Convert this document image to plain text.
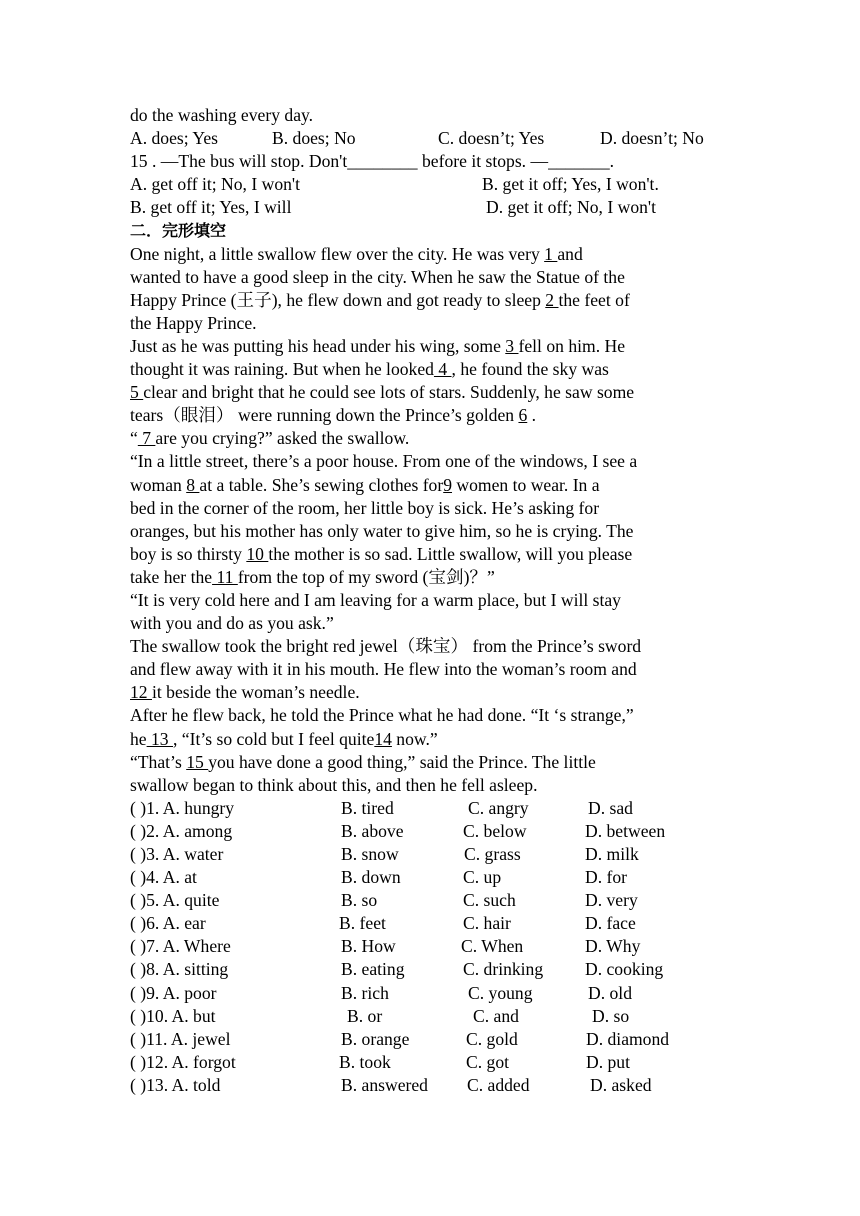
do the washing every day.
A. does; Yes	B. does; No	C. doesn’t; Yes	D. doesn’t; No
15 . —The bus will stop. Don't________ before it stops. —_______.
A. get off it; No, I won't	B. get it off; Yes, I won't.
B. get off it; Yes, I will	D. get it off; No, I won't
二．完形填空
One night, a little swallow flew over the city. He was very 1 and
wanted to have a good sleep in the city. When he saw the Statue of the
Happy Prince (王子), he flew down and got ready to sleep 2 the feet of
the Happy Prince.
Just as he was putting his head under his wing, some 3 fell on him. He
thought it was raining. But when he looked 4 , he found the sky was
5 clear and bright that he could see lots of stars. Suddenly, he saw some
tears（眼泪） were running down the Prince’s golden 6 .
“ 7 are you crying?” asked the swallow.
“In a little street, there’s a poor house. From one of the windows, I see a
woman 8 at a table. She’s sewing clothes for9 women to wear. In a
bed in the corner of the room, her little boy is sick. He’s asking for
oranges, but his mother has only water to give him, so he is crying. The
boy is so thirsty 10 the mother is so sad. Little swallow, will you please
take her the 11 from the top of my sword (宝剑)？”
“It is very cold here and I am leaving for a warm place, but I will stay
with you and do as you ask.”
The swallow took the bright red jewel（珠宝） from the Prince’s sword
and flew away with it in his mouth. He flew into the woman’s room and
12 it beside the woman’s needle.
After he flew back, he told the Prince what he had done. “It ‘s strange,”
he 13 , “It’s so cold but I feel quite14 now.”
“That’s 15 you have done a good thing,” said the Prince. The little
swallow began to think about this, and then he fell asleep.
( )1. A. hungry	B. tired	C. angry	D. sad
( )2. A. among	B. above	C. below	D. between
( )3. A. water	B. snow	C. grass	D. milk
( )4. A. at	B. down	C. up	D. for
( )5. A. quite	B. so	C. such	D. very
( )6. A. ear	B. feet	C. hair	D. face
( )7. A. Where	B. How	C. When	D. Why
( )8. A. sitting	B. eating	C. drinking D. cooking
( )9. A. poor	B. rich	C. young	D. old
( )10. A. but	B. or	C. and	D. so
( )11. A. jewel	B. orange	C. gold	D. diamond
( )12. A. forgot	B. took	C. got	D. put
( )13. A. told	B. answered C. added	D. asked
